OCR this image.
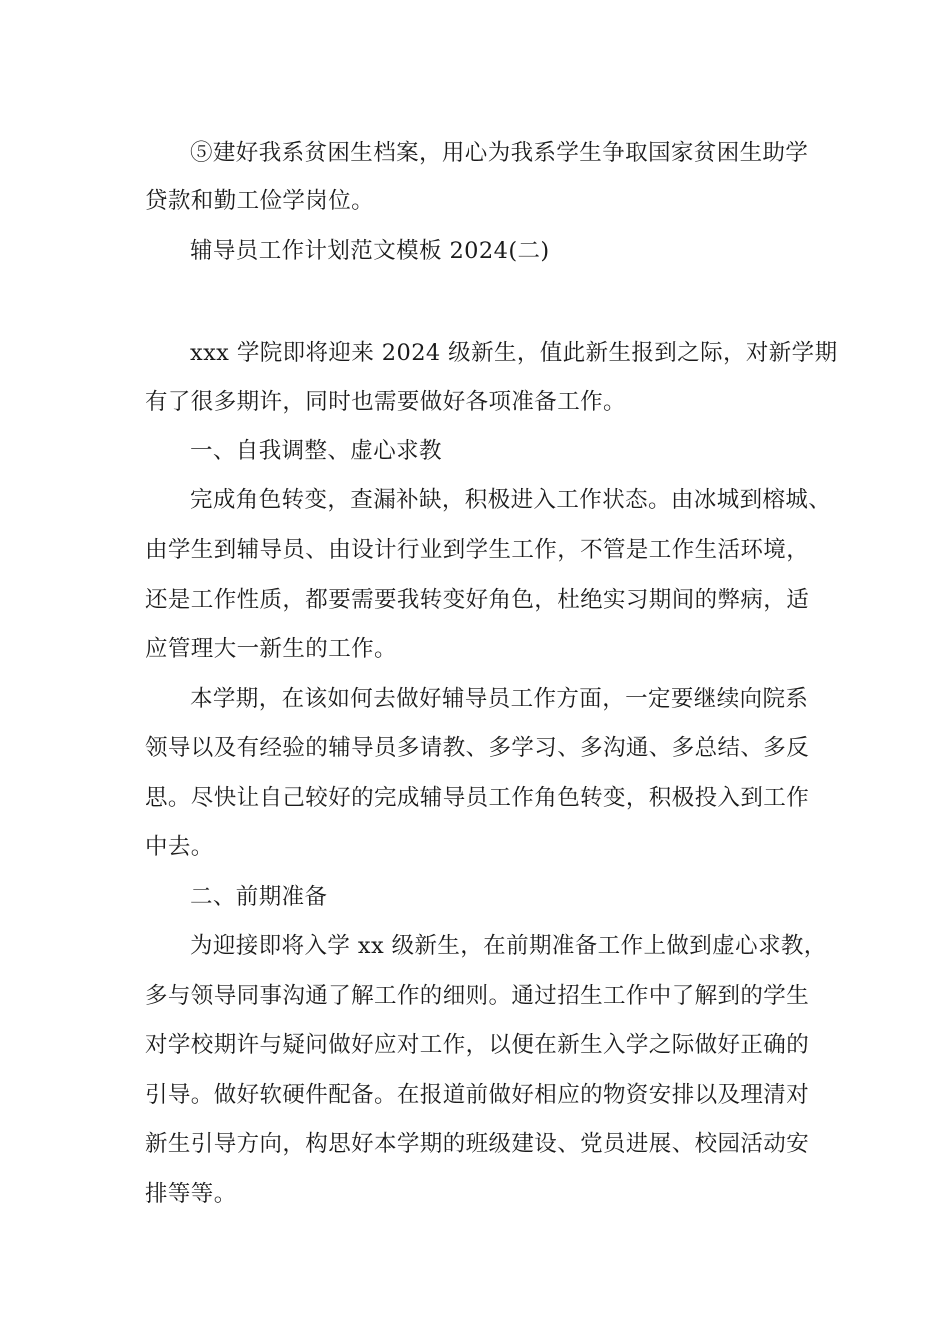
⑤建好我系贫困生档案，用心为我系学生争取国家贫困生助学
贷款和勤工俭学岗位。
辅导员工作计划范文模板 2024(二)
xxx 学院即将迎来 2024 级新生，值此新生报到之际，对新学期
有了很多期许，同时也需要做好各项准备工作。
一、自我调整、虚心求教
完成角色转变，查漏补缺，积极进入工作状态。由冰城到榕城、
由学生到辅导员、由设计行业到学生工作，不管是工作生活环境，
还是工作性质，都要需要我转变好角色，杜绝实习期间的弊病，适
应管理大一新生的工作。
本学期，在该如何去做好辅导员工作方面，一定要继续向院系
领导以及有经验的辅导员多请教、多学习、多沟通、多总结、多反
思。尽快让自己较好的完成辅导员工作角色转变，积极投入到工作
中去。
二、前期准备
为迎接即将入学 xx 级新生，在前期准备工作上做到虚心求教，
多与领导同事沟通了解工作的细则。通过招生工作中了解到的学生
对学校期许与疑问做好应对工作，以便在新生入学之际做好正确的
引导。做好软硬件配备。在报道前做好相应的物资安排以及理清对
新生引导方向，构思好本学期的班级建设、党员进展、校园活动安
排等等。
